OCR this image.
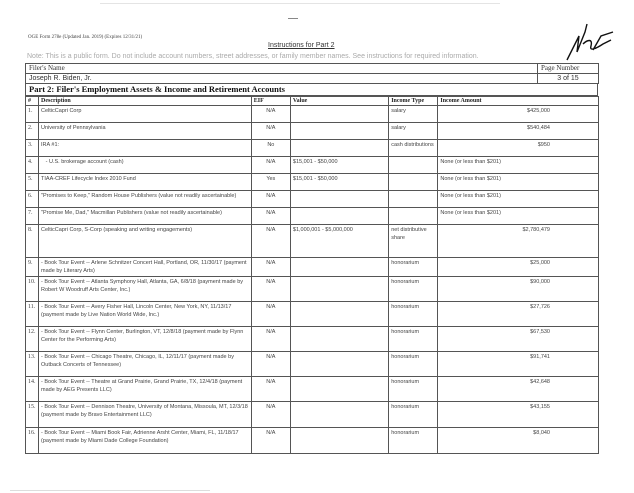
OGE Form 278e (Updated Jan. 2019) (Expires 12/31/21)
Instructions for Part 2
Note: This is a public form. Do not include account numbers, street addresses, or family member names. See instructions for required information.
Filer's Name	Page Number
Joseph R. Biden, Jr.	3 of 15
Part 2: Filer's Employment Assets & Income and Retirement Accounts
#	Description	EIF	Value	Income Type	Income Amount
1.	CelticCapri Corp	N/A		salary	$425,000
2.	University of Pennsylvania	N/A		salary	$540,484
3.	IRA #1:	No		cash distributions	$950
4.	- U.S. brokerage account (cash)	N/A	$15,001 - $50,000		None (or less than $201)
5.	TIAA-CREF Lifecycle Index 2010 Fund	Yes	$15,001 - $50,000		None (or less than $201)
6.	"Promises to Keep," Random House Publishers (value not readily ascertainable)	N/A			None (or less than $201)
7.	"Promise Me, Dad," Macmillan Publishers (value not readily ascertainable)	N/A			None (or less than $201)
8.	CelticCapri Corp, S-Corp (speaking and writing engagements)	N/A	$1,000,001 - $5,000,000	net distributive share	$2,780,479
9.	- Book Tour Event -- Arlene Schnitzer Concert Hall, Portland, OR, 11/30/17 (payment made by Literary Arts)	N/A		honorarium	$25,000
10.	- Book Tour Event -- Atlanta Symphony Hall, Atlanta, GA, 6/8/18 (payment made by Robert W Woodruff Arts Center, Inc.)	N/A		honorarium	$90,000
11.	- Book Tour Event -- Avery Fisher Hall, Lincoln Center, New York, NY, 11/13/17 (payment made by Live Nation World Wide, Inc.)	N/A		honorarium	$27,726
12.	- Book Tour Event -- Flynn Center, Burlington, VT, 12/8/18 (payment made by Flynn Center for the Performing Arts)	N/A		honorarium	$67,530
13.	- Book Tour Event -- Chicago Theatre, Chicago, IL, 12/11/17 (payment made by Outback Concerts of Tennessee)	N/A		honorarium	$91,741
14.	- Book Tour Event -- Theatre at Grand Prairie, Grand Prairie, TX, 12/4/18 (payment made by AEG Presents LLC)	N/A		honorarium	$42,648
15.	- Book Tour Event -- Dennison Theatre, University of Montana, Missoula, MT, 12/3/18 (payment made by Bravo Entertainment LLC)	N/A		honorarium	$43,155
16.	- Book Tour Event -- Miami Book Fair, Adrienne Arsht Center, Miami, FL, 11/18/17 (payment made by Miami Dade College Foundation)	N/A		honorarium	$8,040
